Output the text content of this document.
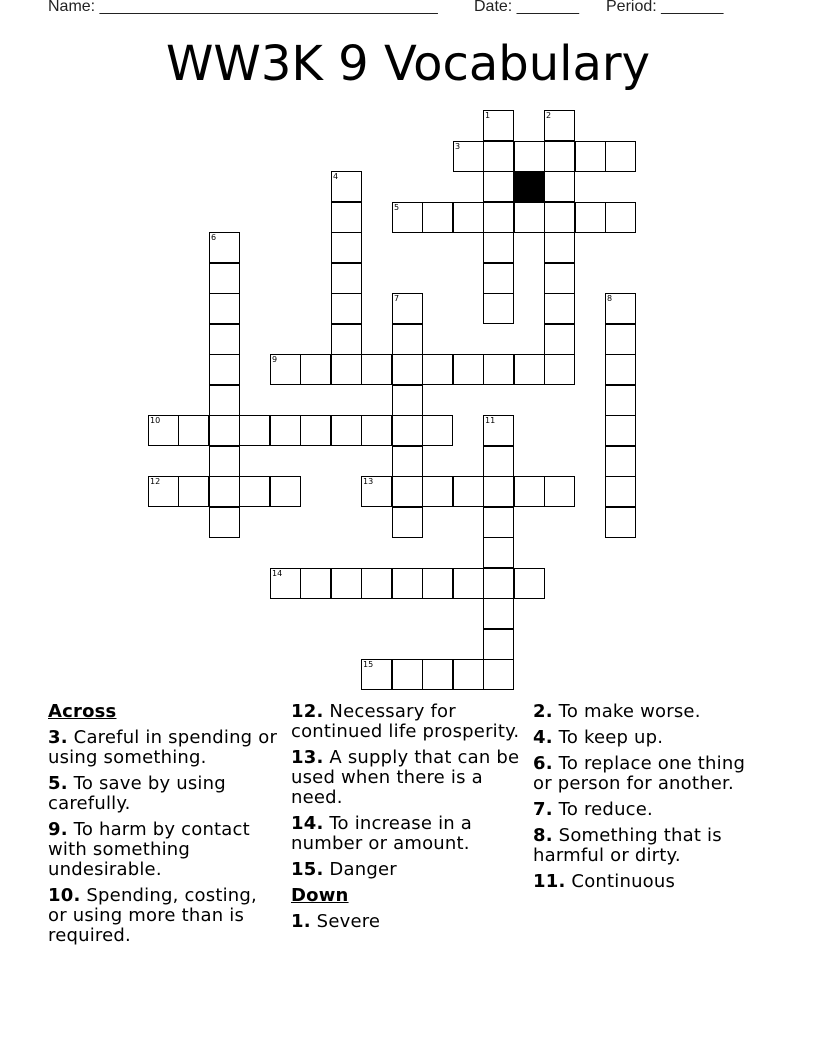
Name: ______________________________________ Date: _______ Period: _______
WW3K 9 Vocabulary
1	2
3
4
5
6
7	8
9
10	11
12	13
14
15
Across
3. Careful in spending or using something.
5. To save by using carefully.
9. To harm by contact with something undesirable.
10. Spending, costing, or using more than is required.
12. Necessary for continued life prosperity.
13. A supply that can be used when there is a need.
14. To increase in a number or amount.
15. Danger
Down
1. Severe
2. To make worse.
4. To keep up.
6. To replace one thing or person for another.
7. To reduce.
8. Something that is harmful or dirty.
11. Continuous
